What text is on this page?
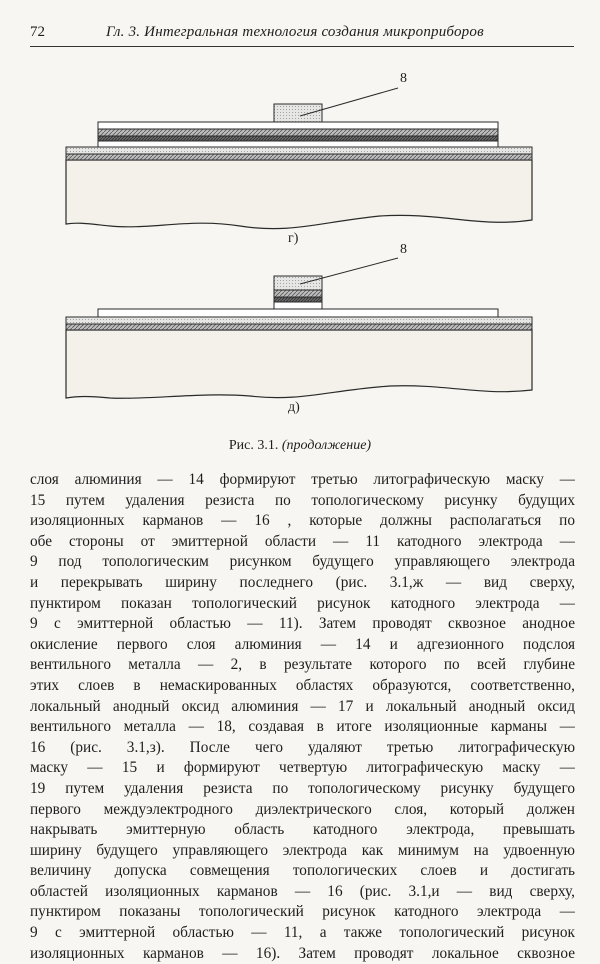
72	Гл. 3. Интегральная технология создания микроприборов
8
г)
8
д)
Рис. 3.1. (продолжение)
слоя алюминия — 14 формируют третью литографическую маску —
15 путем удаления резиста по топологическому рисунку будущих
изоляционных карманов — 16 , которые должны располагаться по
обе стороны от эмиттерной области — 11 катодного электрода —
9 под топологическим рисунком будущего управляющего электрода
и перекрывать ширину последнего (рис. 3.1,ж — вид сверху,
пунктиром показан топологический рисунок катодного электрода —
9 с эмиттерной областью — 11). Затем проводят сквозное анодное
окисление первого слоя алюминия — 14 и адгезионного подслоя
вентильного металла — 2, в результате которого по всей глубине
этих слоев в немаскированных областях образуются, соответственно,
локальный анодный оксид алюминия — 17 и локальный анодный оксид
вентильного металла — 18, создавая в итоге изоляционные карманы —
16 (рис. 3.1,з). После чего удаляют третью литографическую
маску — 15 и формируют четвертую литографическую маску —
19 путем удаления резиста по топологическому рисунку будущего
первого междуэлектродного диэлектрического слоя, который должен
накрывать эмиттерную область катодного электрода, превышать
ширину будущего управляющего электрода как минимум на удвоенную
величину допуска совмещения топологических слоев и достигать
областей изоляционных карманов — 16 (рис. 3.1,и — вид сверху,
пунктиром показаны топологический рисунок катодного электрода —
9 с эмиттерной областью — 11, а также топологический рисунок
изоляционных карманов — 16). Затем проводят локальное сквозное
